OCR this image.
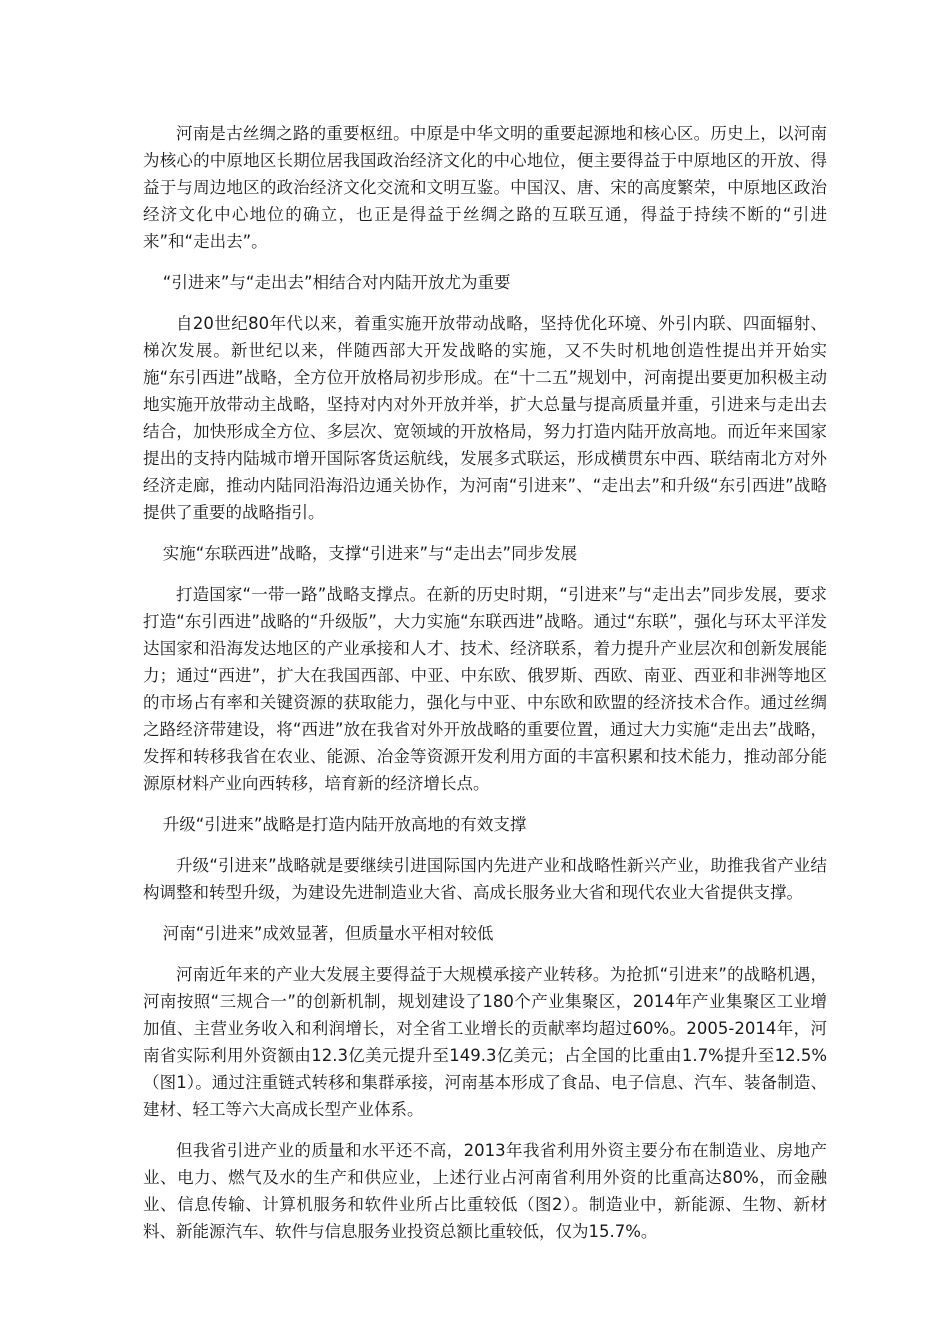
河南是古丝绸之路的重要枢纽。中原是中华文明的重要起源地和核心区。历史上，以河南为核心的中原地区长期位居我国政治经济文化的中心地位，便主要得益于中原地区的开放、得益于与周边地区的政治经济文化交流和文明互鉴。中国汉、唐、宋的高度繁荣，中原地区政治经济文化中心地位的确立，也正是得益于丝绸之路的互联互通，得益于持续不断的“引进来”和“走出去”。

“引进来”与“走出去”相结合对内陆开放尤为重要

自20世纪80年代以来，着重实施开放带动战略，坚持优化环境、外引内联、四面辐射、梯次发展。新世纪以来，伴随西部大开发战略的实施，又不失时机地创造性提出并开始实施“东引西进”战略，全方位开放格局初步形成。在“十二五”规划中，河南提出要更加积极主动地实施开放带动主战略，坚持对内对外开放并举，扩大总量与提高质量并重，引进来与走出去结合，加快形成全方位、多层次、宽领域的开放格局，努力打造内陆开放高地。而近年来国家提出的支持内陆城市增开国际客货运航线，发展多式联运，形成横贯东中西、联结南北方对外经济走廊，推动内陆同沿海沿边通关协作，为河南“引进来”、“走出去”和升级“东引西进”战略提供了重要的战略指引。

实施“东联西进”战略，支撑“引进来”与“走出去”同步发展

打造国家“一带一路”战略支撑点。在新的历史时期，“引进来”与“走出去”同步发展，要求打造“东引西进”战略的“升级版”，大力实施“东联西进”战略。通过“东联”，强化与环太平洋发达国家和沿海发达地区的产业承接和人才、技术、经济联系，着力提升产业层次和创新发展能力；通过“西进”，扩大在我国西部、中亚、中东欧、俄罗斯、西欧、南亚、西亚和非洲等地区的市场占有率和关键资源的获取能力，强化与中亚、中东欧和欧盟的经济技术合作。通过丝绸之路经济带建设，将“西进”放在我省对外开放战略的重要位置，通过大力实施“走出去”战略，发挥和转移我省在农业、能源、冶金等资源开发利用方面的丰富积累和技术能力，推动部分能源原材料产业向西转移，培育新的经济增长点。

升级“引进来”战略是打造内陆开放高地的有效支撑

升级“引进来”战略就是要继续引进国际国内先进产业和战略性新兴产业，助推我省产业结构调整和转型升级，为建设先进制造业大省、高成长服务业大省和现代农业大省提供支撑。

河南“引进来”成效显著，但质量水平相对较低

河南近年来的产业大发展主要得益于大规模承接产业转移。为抢抓“引进来”的战略机遇，河南按照“三规合一”的创新机制，规划建设了180个产业集聚区，2014年产业集聚区工业增加值、主营业务收入和利润增长，对全省工业增长的贡献率均超过60%。2005-2014年，河南省实际利用外资额由12.3亿美元提升至149.3亿美元；占全国的比重由1.7%提升至12.5%（图1）。通过注重链式转移和集群承接，河南基本形成了食品、电子信息、汽车、装备制造、建材、轻工等六大高成长型产业体系。

但我省引进产业的质量和水平还不高，2013年我省利用外资主要分布在制造业、房地产业、电力、燃气及水的生产和供应业，上述行业占河南省利用外资的比重高达80%，而金融业、信息传输、计算机服务和软件业所占比重较低（图2）。制造业中，新能源、生物、新材料、新能源汽车、软件与信息服务业投资总额比重较低，仅为15.7%。
